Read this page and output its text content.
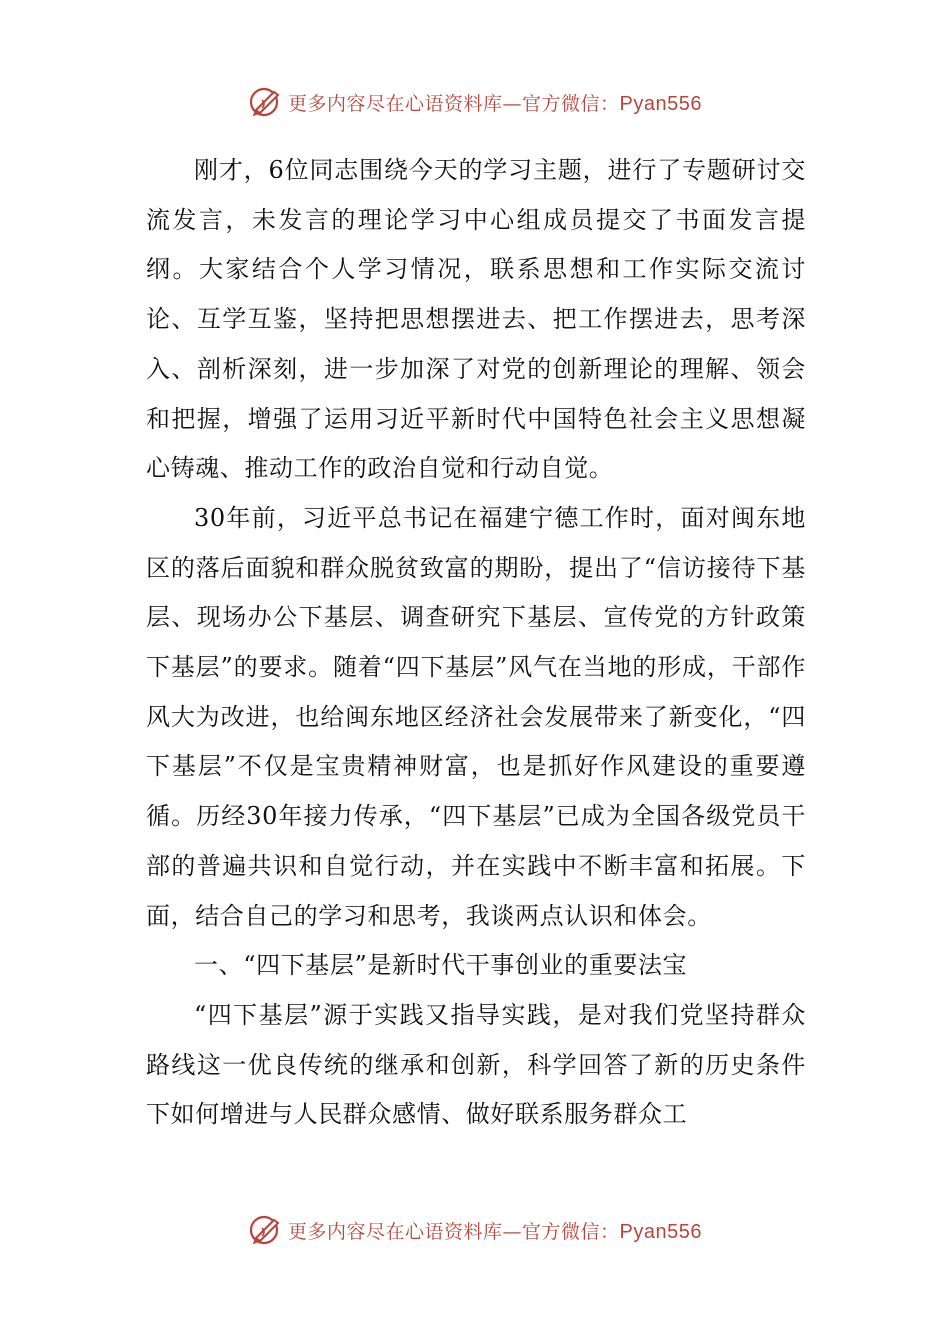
更多内容尽在心语资料库—官方微信：Pyan556

刚才，6位同志围绕今天的学习主题，进行了专题研讨交流发言，未发言的理论学习中心组成员提交了书面发言提纲。大家结合个人学习情况，联系思想和工作实际交流讨论、互学互鉴，坚持把思想摆进去、把工作摆进去，思考深入、剖析深刻，进一步加深了对党的创新理论的理解、领会和把握，增强了运用习近平新时代中国特色社会主义思想凝心铸魂、推动工作的政治自觉和行动自觉。

30年前，习近平总书记在福建宁德工作时，面对闽东地区的落后面貌和群众脱贫致富的期盼，提出了“信访接待下基层、现场办公下基层、调查研究下基层、宣传党的方针政策下基层”的要求。随着“四下基层”风气在当地的形成，干部作风大为改进，也给闽东地区经济社会发展带来了新变化，“四下基层”不仅是宝贵精神财富，也是抓好作风建设的重要遵循。历经30年接力传承，“四下基层”已成为全国各级党员干部的普遍共识和自觉行动，并在实践中不断丰富和拓展。下面，结合自己的学习和思考，我谈两点认识和体会。

一、“四下基层”是新时代干事创业的重要法宝

“四下基层”源于实践又指导实践，是对我们党坚持群众路线这一优良传统的继承和创新，科学回答了新的历史条件下如何增进与人民群众感情、做好联系服务群众工

更多内容尽在心语资料库—官方微信：Pyan556
